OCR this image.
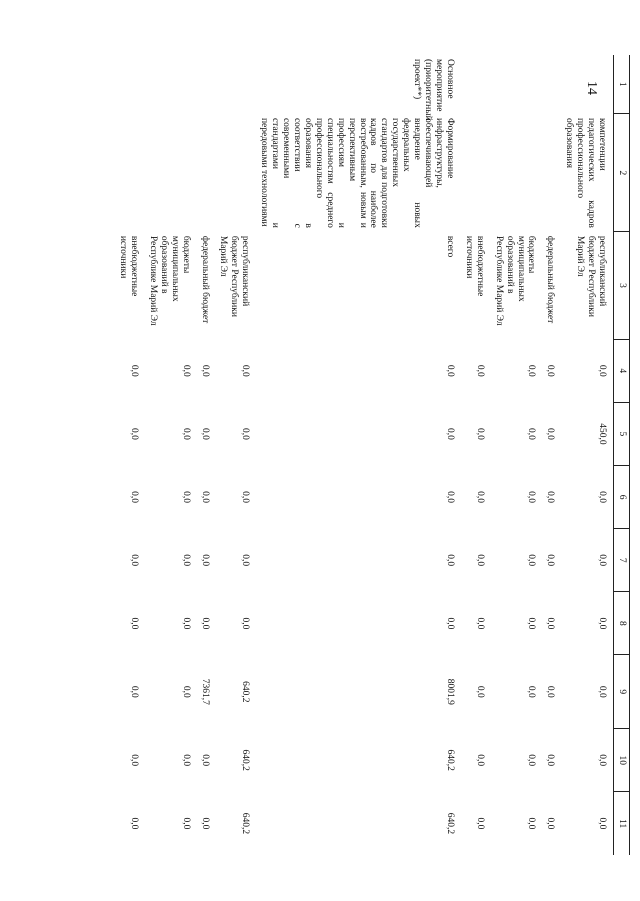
14 1	2	3	4	5	6	7	8	9	10	11
	компетенции педагогических кадров профессионального образования	республиканский бюджет Республики Марий Эл	0,0	450,0	0,0	0,0	0,0	0,0	0,0	0,0
		федеральный бюджет	0,0	0,0	0,0	0,0	0,0	0,0	0,0	0,0
		бюджеты муниципальных образований в Республике Марий Эл	0,0	0,0	0,0	0,0	0,0	0,0	0,0	0,0
		внебюджетные источники	0,0	0,0	0,0	0,0	0,0	0,0	0,0	0,0
Основное мероприятие (приоритетный проект**)	Формирование инфраструктуры, обеспечивающей внедрение новых федеральных государственных стандартов для подготовки кадров по наиболее востребованным, новым и перспективным профессиям и специальностям среднего профессионального образования в соответствии с современными стандартами и передовыми технологиями	всего	0,0	0,0	0,0	0,0	0,0	8001,9	640,2	640,2
		республиканский бюджет Республики Марий Эл	0,0	0,0	0,0	0,0	0,0	640,2	640,2	640,2
		федеральный бюджет	0,0	0,0	0,0	0,0	0,0	7361,7	0,0	0,0
		бюджеты муниципальных образований в Республике Марий Эл	0,0	0,0	0,0	0,0	0,0	0,0	0,0	0,0
		внебюджетные источники	0,0	0,0	0,0	0,0	0,0	0,0	0,0	0,0
